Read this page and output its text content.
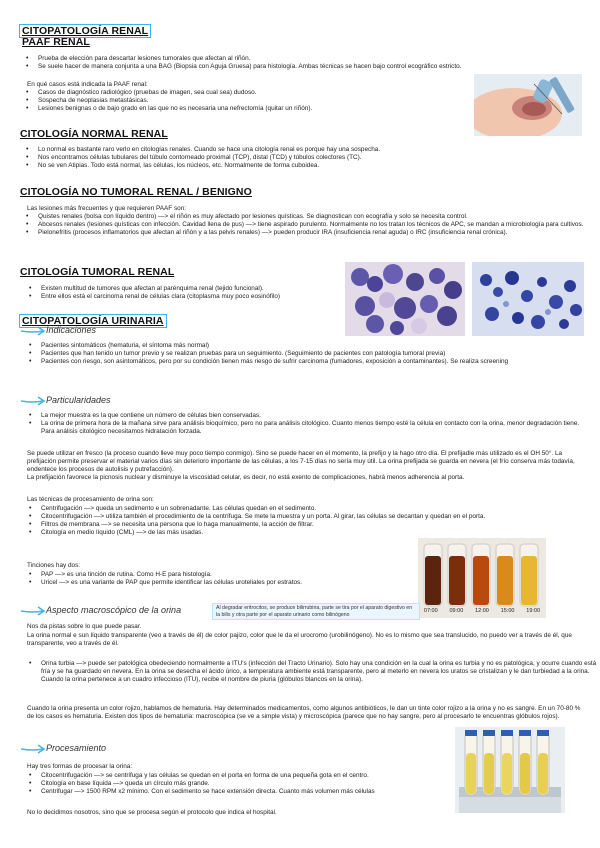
CITOPATOLOGÍA RENAL
PAAF RENAL
• Prueba de elección para descartar lesiones tumorales que afectan al riñón.
• Se suele hacer de manera conjunta a una BAG (Biopsia con Aguja Gruesa) para histología. Ambas técnicas se hacen bajo control ecográfico estricto.
En qué casos está indicada la PAAF renal:
• Casos de diagnóstico radiológico (pruebas de imagen, sea cual sea) dudoso.
• Sospecha de neoplasias metastásicas.
• Lesiones benignas o de bajo grado en las que no es necesaria una nefrectomía (quitar un riñón).
CITOLOGÍA NORMAL RENAL
• Lo normal es bastante raro verlo en citologías renales. Cuando se hace una citología renal es porque hay una sospecha.
• Nos encontramos células tubulares del túbulo contorneado proximal (TCP), distal (TCD) y túbulos colectores (TC).
• No se ven Atipias. Todo está normal, las células, los núcleos, etc. Normalmente de forma cuboidea.
CITOLOGÍA NO TUMORAL RENAL / BENIGNO
Las lesiones más frecuentes y que requieren PAAF son:
• Quistes renales (bolsa con líquido dentro) —> el riñón es muy afectado por lesiones quísticas. Se diagnostican con ecografía y solo se necesita control.
• Abcesos renales (lesiones quísticas con infección. Cavidad llena de pus) —> tiene aspirado purulento. Normalmente no los tratan los técnicos de APC, se mandan a microbiología para cultivos.
• Pielonefritis (procesos inflamatorios que afectan al riñón y a las pelvis renales) —> pueden producir IRA (insuficiencia renal aguda) o IRC (insuficiencia renal crónica).
CITOLOGÍA TUMORAL RENAL
• Existen multitud de tumores que afectan al parénquima renal (tejido funcional).
• Entre ellos está el carcinoma renal de células clara (citoplasma muy poco eosinófilo)
CITOPATOLOGÍA URINARIA
Indicaciones
• Pacientes sintomáticos (hematuria, el síntoma más normal)
• Pacientes que han tenido un tumor previo y se realizan pruebas para un seguimiento. (Seguimiento de pacientes con patología tumoral previa)
• Pacientes con riesgo, son asintomáticos, pero por su condición tienen más riesgo de sufrir carcinoma (fumadores, exposición a contaminantes). Se realiza screening
Particularidades
• La mejor muestra es la que contiene un número de células bien conservadas.
• La orina de primera hora de la mañana sirve para análisis bioquímico, pero no para análisis citológico. Cuanto menos tiempo esté la célula en contacto con la orina, menor degradación tiene. Para análisis citológico necesitamos hidratación forzada.
Se puede utilizar en fresco (la proceso cuando lleve muy poco tiempo conmigo). Sino se puede hacer en el momento, la prefijo y la hago otro día. El prefijadle más utilizado es el OH 50°. La prefijación permite preservar el material varios días sin deterioro importante de las células, a los 7-15 días no sería muy útil. La orina prefijada se guarda en nevera (el frío conserva más todavía, endentece los procesos de autolisis y putrefacción).
La prefijación favorece la picnosis nuclear y disminuye la viscosidad celular, es decir, no está exento de complicaciones, habrá menos adherencia al porta.
Las técnicas de procesamiento de orina son:
• Centrifugación —> queda un sedimento e un sobrenadante. Las células quedan en el sedimento.
• Citocentrifugación —> utiliza también el procedimiento de la centrífuga. Se mete la muestra y un porta. Al girar, las células se decantan y quedan en el porta.
• Filtros de membrana —> se necesita una persona que lo haga manualmente, la acción de filtrar.
• Citología en medio líquido (CML) —> de las más usadas.
Tinciones hay dos:
• PAP —> es una tinción de rutina. Como H-E para histología.
• Uricel —> es una variante de PAP que permite identificar las células uroteliales por estratos.
07:00 09:00 12:00 15:00 19:00
Aspecto macroscópico de la orina	Al degradar eritrocitos, se produce bilirrubina, parte se tira por el aparato digestivo en la bilis y otra parte por el aparato urinario como bilinógeno
Nos da pistas sobre lo que puede pasar.
La orina normal e sun líquido transparente (veo a través de él) de color pajizo, color que le da el urocromo (urobilinógeno). No es lo mismo que sea translucido, no puedo ver a través de él, que transparente, veo a través de él.
• Orina turbia —> puede ser patológica obedeciendo normalmente a ITU's (infección del Tracto Urinario). Solo hay una condición en la cual la orina es turbia y no es patológica, y ocurre cuando está fría y se ha guardado en nevera. En la orina se desecha el ácido úrico, a temperatura ambiente está transparente, pero al meterlo en nevera los uratos se cristalizan y le dan turbiedad a la orina. Cuando la orina pertenece a un cuadro infeccioso (ITU), recibe el nombre de piuria (glóbulos blancos en la orina).
Cuando la orina presenta un color rojizo, hablamos de hematuria. Hay determinados medicamentos, como algunos antibióticos, le dan un tinte color rojizo a la orina y no es sangre. En un 70-80 % de los casos es hematuria. Existen dos tipos de hematuria: macroscópica (se ve a simple vista) y microscópica (parece que no hay sangre, pero al procesarlo te encuentras glóbulos rojos).
Procesamiento
Hay tres formas de procesar la orina:
• Citocentrifugación —> se centrifuga y las células se quedan en el porta en forma de una pequeña gota en el centro.
• Citología en base líquida —> queda un círculo más grande.
• Centrifugar —> 1500 RPM x2 mínimo. Con el sedimento se hace extensión directa. Cuanto más volumen más células
No lo decidimos nosotros, sino que se procesa según el protocolo que indica el hospital.
